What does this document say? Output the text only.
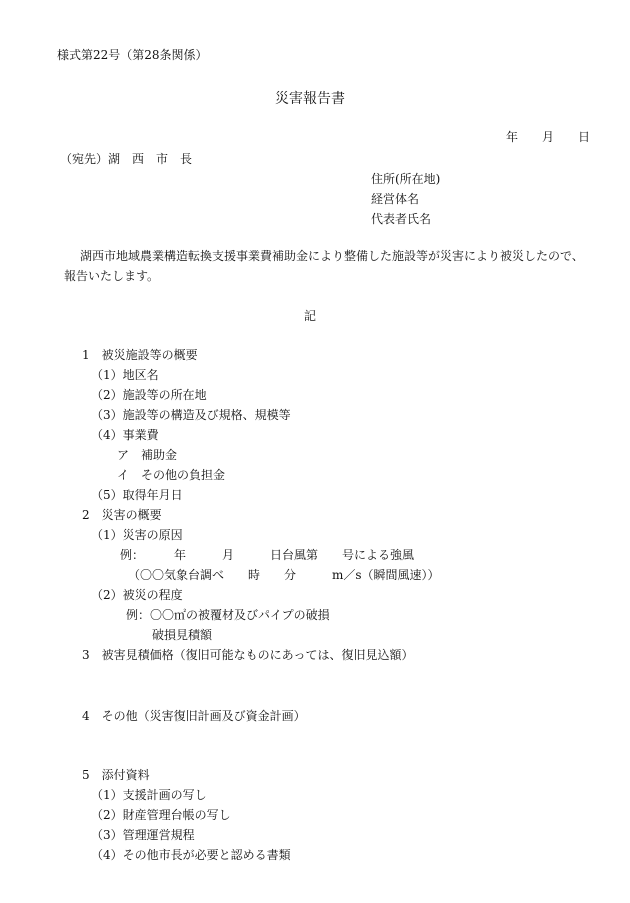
様式第22号（第28条関係）
災害報告書
年　　月　　日
（宛先）湖　西　市　長
住所(所在地)
経営体名
代表者氏名
湖西市地域農業構造転換支援事業費補助金により整備した施設等が災害により被災したので、
報告いたします。
記
1　被災施設等の概要
（1）地区名
（2）施設等の所在地
（3）施設等の構造及び規格、規模等
（4）事業費
ア　補助金
イ　その他の負担金
（5）取得年月日
2　災害の概要
（1）災害の原因
例：　　　年　　　月　　　日台風第　　号による強風
（〇〇気象台調べ　　時　　分　　　m／s（瞬間風速））
（2）被災の程度
例：〇〇㎡の被覆材及びパイプの破損
破損見積額
3　被害見積価格（復旧可能なものにあっては、復旧見込額）
4　その他（災害復旧計画及び資金計画）
5　添付資料
（1）支援計画の写し
（2）財産管理台帳の写し
（3）管理運営規程
（4）その他市長が必要と認める書類
